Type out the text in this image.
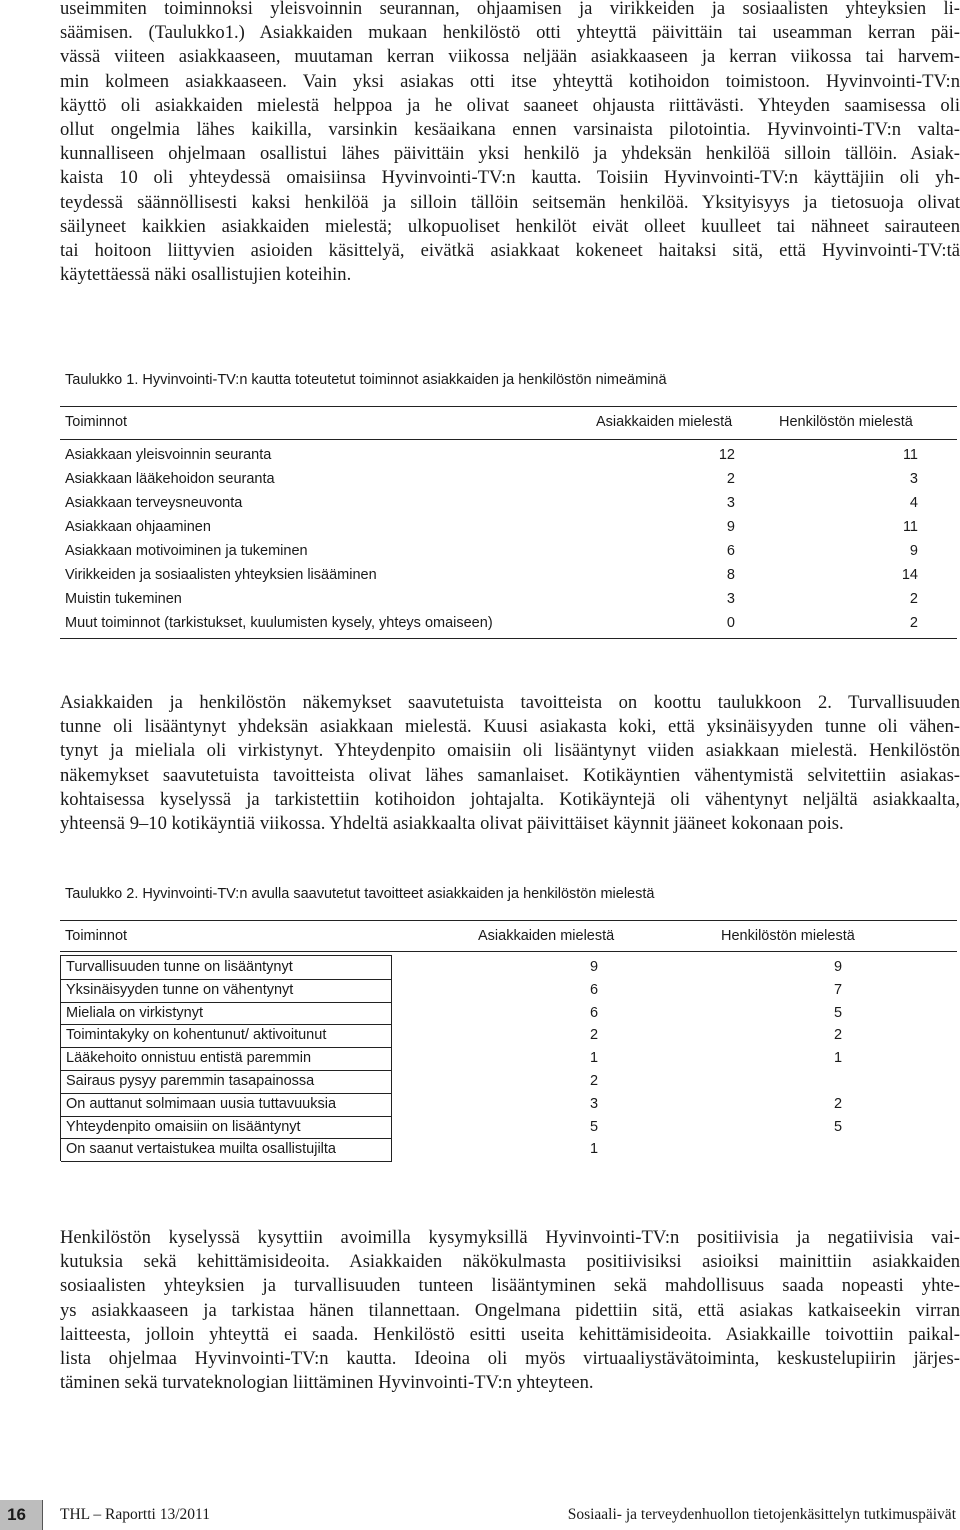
useimmiten toiminnoksi yleisvoinnin seurannan, ohjaamisen ja virikkeiden ja sosiaalisten yhteyksien li-
säämisen. (Taulukko1.) Asiakkaiden mukaan henkilöstö otti yhteyttä päivittäin tai useamman kerran päi-
vässä viiteen asiakkaaseen, muutaman kerran viikossa neljään asiakkaaseen ja kerran viikossa tai harvem-
min kolmeen asiakkaaseen. Vain yksi asiakas otti itse yhteyttä kotihoidon toimistoon. Hyvinvointi-TV:n
käyttö oli asiakkaiden mielestä helppoa ja he olivat saaneet ohjausta riittävästi. Yhteyden saamisessa oli
ollut ongelmia lähes kaikilla, varsinkin kesäaikana ennen varsinaista pilotointia. Hyvinvointi-TV:n valta-
kunnalliseen ohjelmaan osallistui lähes päivittäin yksi henkilö ja yhdeksän henkilöä silloin tällöin. Asiak-
kaista 10 oli yhteydessä omaisiinsa Hyvinvointi-TV:n kautta. Toisiin Hyvinvointi-TV:n käyttäjiin oli yh-
teydessä säännöllisesti kaksi henkilöä ja silloin tällöin seitsemän henkilöä. Yksityisyys ja tietosuoja olivat
säilyneet kaikkien asiakkaiden mielestä; ulkopuoliset henkilöt eivät olleet kuulleet tai nähneet sairauteen
tai hoitoon liittyvien asioiden käsittelyä, eivätkä asiakkaat kokeneet haitaksi sitä, että Hyvinvointi-TV:tä
käytettäessä näki osallistujien koteihin.
Taulukko 1. Hyvinvointi-TV:n kautta toteutetut toiminnot asiakkaiden ja henkilöstön nimeäminä
Toiminnot	Asiakkaiden mielestä	Henkilöstön mielestä
Asiakkaan yleisvoinnin seuranta	12	11
Asiakkaan lääkehoidon seuranta	2	3
Asiakkaan terveysneuvonta	3	4
Asiakkaan ohjaaminen	9	11
Asiakkaan motivoiminen ja tukeminen	6	9
Virikkeiden ja sosiaalisten yhteyksien lisääminen	8	14
Muistin tukeminen	3	2
Muut toiminnot (tarkistukset, kuulumisten kysely, yhteys omaiseen)	0	2
Asiakkaiden ja henkilöstön näkemykset saavutetuista tavoitteista on koottu taulukkoon 2. Turvallisuuden
tunne oli lisääntynyt yhdeksän asiakkaan mielestä. Kuusi asiakasta koki, että yksinäisyyden tunne oli vähen-
tynyt ja mieliala oli virkistynyt. Yhteydenpito omaisiin oli lisääntynyt viiden asiakkaan mielestä. Henkilöstön
näkemykset saavutetuista tavoitteista olivat lähes samanlaiset. Kotikäyntien vähentymistä selvitettiin asiakas-
kohtaisessa kyselyssä ja tarkistettiin kotihoidon johtajalta. Kotikäyntejä oli vähentynyt neljältä asiakkaalta,
yhteensä 9–10 kotikäyntiä viikossa. Yhdeltä asiakkaalta olivat päivittäiset käynnit jääneet kokonaan pois.
Taulukko 2. Hyvinvointi-TV:n avulla saavutetut tavoitteet asiakkaiden ja henkilöstön mielestä
Toiminnot	Asiakkaiden mielestä	Henkilöstön mielestä
Turvallisuuden tunne on lisääntynyt	9	9
Yksinäisyyden tunne on vähentynyt	6	7
Mieliala on virkistynyt	6	5
Toimintakyky on kohentunut/ aktivoitunut	2	2
Lääkehoito onnistuu entistä paremmin	1	1
Sairaus pysyy paremmin tasapainossa	2
On auttanut solmimaan uusia tuttavuuksia	3	2
Yhteydenpito omaisiin on lisääntynyt	5	5
On saanut vertaistukea muilta osallistujilta	1
Henkilöstön kyselyssä kysyttiin avoimilla kysymyksillä Hyvinvointi-TV:n positiivisia ja negatiivisia vai-
kutuksia sekä kehittämisideoita. Asiakkaiden näkökulmasta positiivisiksi asioiksi mainittiin asiakkaiden
sosiaalisten yhteyksien ja turvallisuuden tunteen lisääntyminen sekä mahdollisuus saada nopeasti yhte-
ys asiakkaaseen ja tarkistaa hänen tilannettaan. Ongelmana pidettiin sitä, että asiakas katkaiseekin virran
laitteesta, jolloin yhteyttä ei saada. Henkilöstö esitti useita kehittämisideoita. Asiakkaille toivottiin paikal-
lista ohjelmaa Hyvinvointi-TV:n kautta. Ideoina oli myös virtuaaliystävätoiminta, keskustelupiirin järjes-
täminen sekä turvateknologian liittäminen Hyvinvointi-TV:n yhteyteen.
16	THL – Raportti 13/2011	Sosiaali- ja terveydenhuollon tietojenkäsittelyn tutkimuspäivät
